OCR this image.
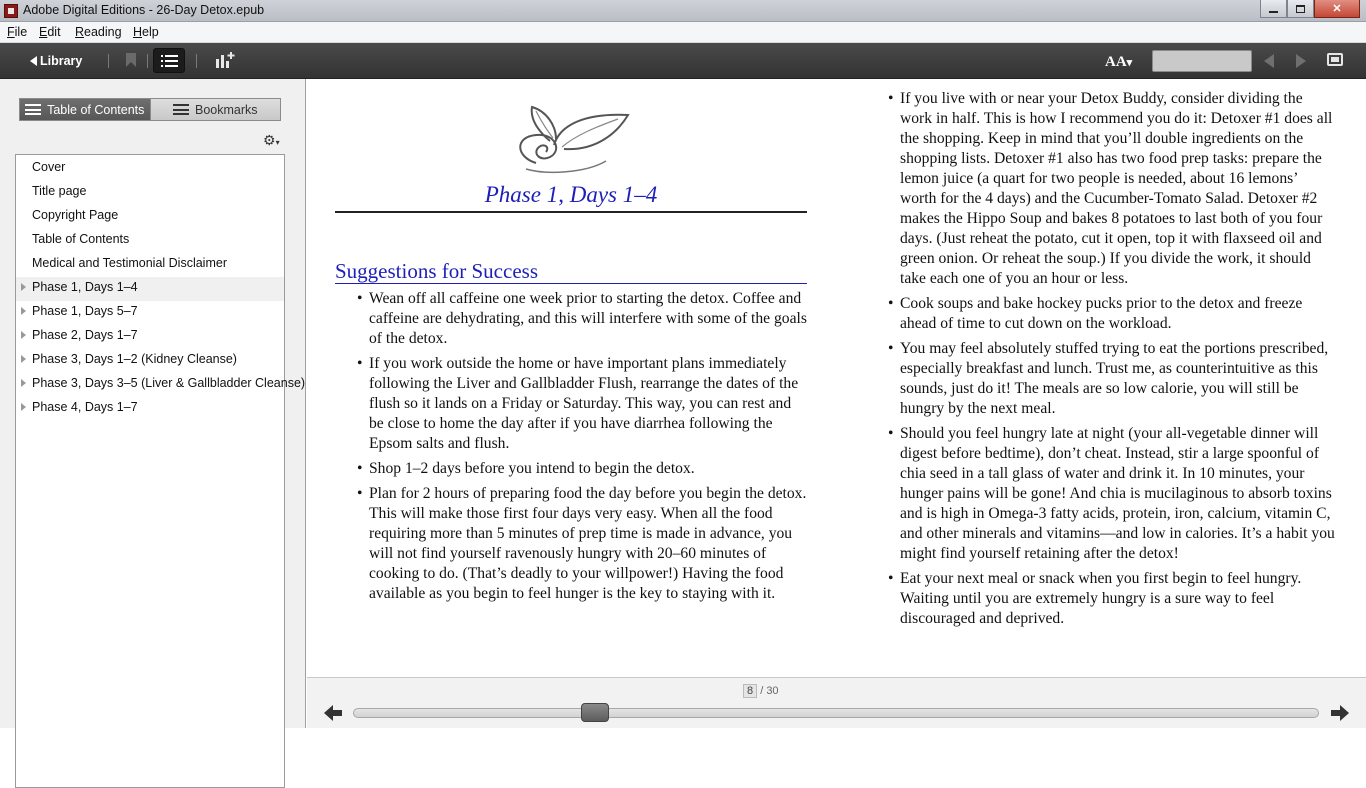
Adobe Digital Editions - 26-Day Detox.epub	✕
File Edit Reading Help
Library	AA▾
Table of Contents	Bookmarks
⚙▾
Cover
Title page
Copyright Page
Table of Contents
Medical and Testimonial Disclaimer
Phase 1, Days 1–4
Phase 1, Days 5–7
Phase 2, Days 1–7
Phase 3, Days 1–2 (Kidney Cleanse)
Phase 3, Days 3–5 (Liver & Gallbladder Cleanse)
Phase 4, Days 1–7
Phase 1, Days 1–4
Suggestions for Success
• Wean off all caffeine one week prior to starting the detox. Coffee and caffeine are dehydrating, and this will interfere with some of the goals of the detox.
• If you work outside the home or have important plans immediately following the Liver and Gallbladder Flush, rearrange the dates of the flush so it lands on a Friday or Saturday. This way, you can rest and be close to home the day after if you have diarrhea following the Epsom salts and flush.
• Shop 1–2 days before you intend to begin the detox.
• Plan for 2 hours of preparing food the day before you begin the detox. This will make those first four days very easy. When all the food requiring more than 5 minutes of prep time is made in advance, you will not find yourself ravenously hungry with 20–60 minutes of cooking to do. (That’s deadly to your willpower!) Having the food available as you begin to feel hunger is the key to staying with it.
• If you live with or near your Detox Buddy, consider dividing the work in half. This is how I recommend you do it: Detoxer #1 does all the shopping. Keep in mind that you’ll double ingredients on the shopping lists. Detoxer #1 also has two food prep tasks: prepare the lemon juice (a quart for two people is needed, about 16 lemons’ worth for the 4 days) and the Cucumber-Tomato Salad. Detoxer #2 makes the Hippo Soup and bakes 8 potatoes to last both of you four days. (Just reheat the potato, cut it open, top it with flaxseed oil and green onion. Or reheat the soup.) If you divide the work, it should take each one of you an hour or less.
• Cook soups and bake hockey pucks prior to the detox and freeze ahead of time to cut down on the workload.
• You may feel absolutely stuffed trying to eat the portions prescribed, especially breakfast and lunch. Trust me, as counterintuitive as this sounds, just do it! The meals are so low calorie, you will still be hungry by the next meal.
• Should you feel hungry late at night (your all-vegetable dinner will digest before bedtime), don’t cheat. Instead, stir a large spoonful of chia seed in a tall glass of water and drink it. In 10 minutes, your hunger pains will be gone! And chia is mucilaginous to absorb toxins and is high in Omega-3 fatty acids, protein, iron, calcium, vitamin C, and other minerals and vitamins—and low in calories. It’s a habit you might find yourself retaining after the detox!
• Eat your next meal or snack when you first begin to feel hungry. Waiting until you are extremely hungry is a sure way to feel discouraged and deprived.
8 / 30
